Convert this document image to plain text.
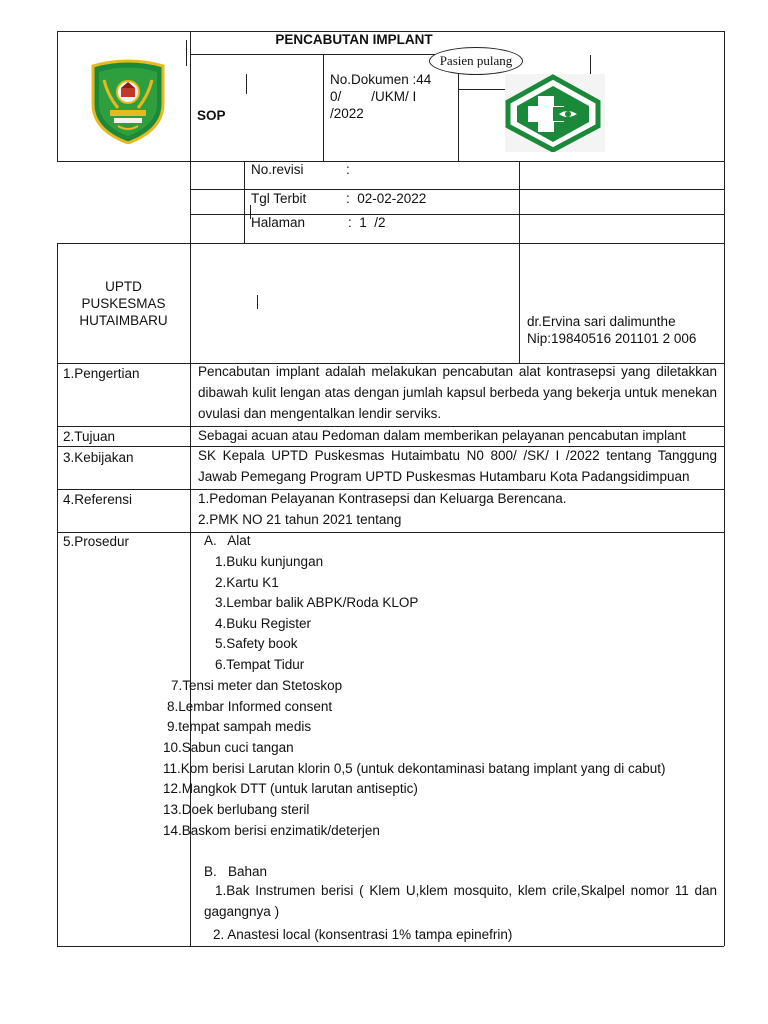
PENCABUTAN IMPLANT
Pasien pulang
SOP
No.Dokumen :44
0/        /UKM/ I
/2022
No.revisi	:
Tgl Terbit	:  02-02-2022
Halaman	:  1  /2
UPTD
PUSKESMAS
HUTAIMBARU	dr.Ervina sari dalimunthe
Nip:19840516 201101 2 006
1.Pengertian	Pencabutan implant adalah melakukan pencabutan alat kontrasepsi yang diletakkan dibawah kulit lengan atas dengan jumlah kapsul berbeda yang bekerja untuk menekan ovulasi dan mengentalkan lendir serviks.
2.Tujuan	Sebagai acuan atau Pedoman dalam memberikan pelayanan pencabutan implant
3.Kebijakan	SK Kepala UPTD Puskesmas Hutaimbatu N0 800/ /SK/ I /2022 tentang Tanggung Jawab Pemegang Program UPTD Puskesmas Hutambaru Kota Padangsidimpuan
4.Referensi	1.Pedoman Pelayanan Kontrasepsi dan Keluarga Berencana.
2.PMK NO 21 tahun 2021 tentang
5.Prosedur	A.   Alat
1.Buku kunjungan
2.Kartu K1
3.Lembar balik ABPK/Roda KLOP
4.Buku Register
5.Safety book
6.Tempat Tidur
7.Tensi meter dan Stetoskop
8.Lembar Informed consent
9.tempat sampah medis
10.Sabun cuci tangan
11.Kom berisi Larutan klorin 0,5 (untuk dekontaminasi batang implant yang di cabut)
12.Mangkok DTT (untuk larutan antiseptic)
13.Doek berlubang steril
14.Baskom berisi enzimatik/deterjen
B.   Bahan
1.Bak Instrumen berisi ( Klem U,klem mosquito, klem crile,Skalpel nomor 11 dan gagangnya )
2. Anastesi local (konsentrasi 1% tampa epinefrin)
